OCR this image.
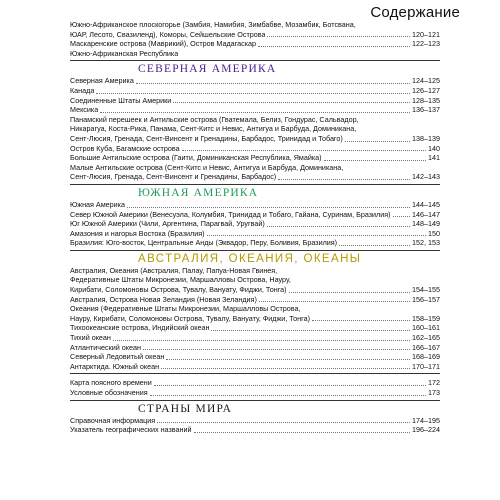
Содержание
Южно-Африканское плоскогорье (Замбия, Намибия, Зимбабве, Мозамбик, Ботсвана,
ЮАР, Лесото, Свазиленд), Коморы, Сейшельские Острова	120–121
Маскаренские острова (Маврикий), Остров Мадагаскар	122–123
Южно-Африканская Республика
СЕВЕРНАЯ АМЕРИКА
Северная Америка	124–125
Канада	126–127
Соединенные Штаты Америки	128–135
Мексика	136–137
Панамский перешеек и Антильские острова (Гватемала, Белиз, Гондурас, Сальвадор,
Никарагуа, Коста-Рика, Панама, Сент-Китс и Невис, Антигуа и Барбуда, Доминикана,
Сент-Люсия, Гренада, Сент-Винсент и Гренадины, Барбадос, Тринидад и Тобаго)	138–139
Остров Куба, Багамские острова	140
Большие Антильские острова (Гаити, Доминиканская Республика, Ямайка)	141
Малые Антильские острова (Сент-Китс и Невис, Антигуа и Барбуда, Доминикана,
Сент-Люсия, Гренада, Сент-Винсент и Гренадины, Барбадос)	142–143
ЮЖНАЯ АМЕРИКА
Южная Америка	144–145
Север Южной Америки (Венесуэла, Колумбия, Тринидад и Тобаго, Гайана, Суринам, Бразилия)	146–147
Юг Южной Америки (Чили, Аргентина, Парагвай, Уругвай)	148–149
Амазония и нагорья Востока (Бразилия)	150
Бразилия: Юго-восток, Центральные Анды (Эквадор, Перу, Боливия, Бразилия)	152, 153
АВСТРАЛИЯ, ОКЕАНИЯ, ОКЕАНЫ
Австралия, Океания (Австралия, Палау, Папуа-Новая Гвинея,
Федеративные Штаты Микронезии, Маршалловы Острова, Науру,
Кирибати, Соломоновы Острова, Тувалу, Вануату, Фиджи, Тонга)	154–155
Австралия, Острова Новая Зеландия (Новая Зеландия)	156–157
Океания (Федеративные Штаты Микронезии, Маршалловы Острова,
Науру, Кирибати, Соломоновы Острова, Тувалу, Вануату, Фиджи, Тонга)	158–159
Тихоокеанские острова, Индийский океан	160–161
Тихий океан	162–165
Атлантический океан	166–167
Северный Ледовитый океан	168–169
Антарктида. Южный океан	170–171
Карта поясного времени	172
Условные обозначения	173
СТРАНЫ МИРА
Справочная информация	174–195
Указатель географических названий	196–224
